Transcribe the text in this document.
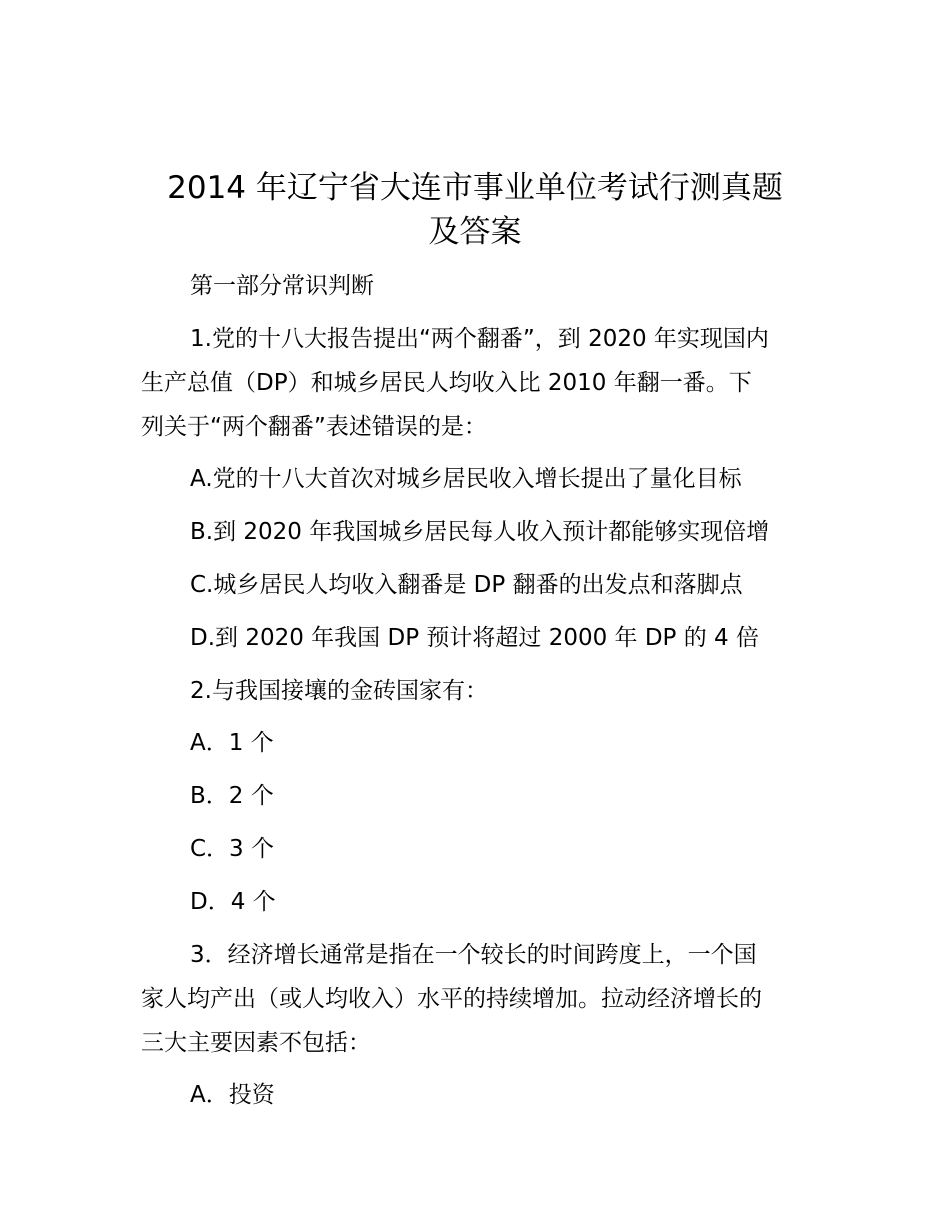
2014 年辽宁省大连市事业单位考试行测真题
及答案

第一部分常识判断

1.党的十八大报告提出“两个翻番”，到 2020 年实现国内

生产总值（DP）和城乡居民人均收入比 2010 年翻一番。下

列关于“两个翻番”表述错误的是：

A.党的十八大首次对城乡居民收入增长提出了量化目标

B.到 2020 年我国城乡居民每人收入预计都能够实现倍增

C.城乡居民人均收入翻番是 DP 翻番的出发点和落脚点

D.到 2020 年我国 DP 预计将超过 2000 年 DP 的 4 倍

2.与我国接壤的金砖国家有：

A．1 个

B．2 个

C．3 个

D．4 个

3．经济增长通常是指在一个较长的时间跨度上，一个国

家人均产出（或人均收入）水平的持续增加。拉动经济增长的

三大主要因素不包括：

A．投资
